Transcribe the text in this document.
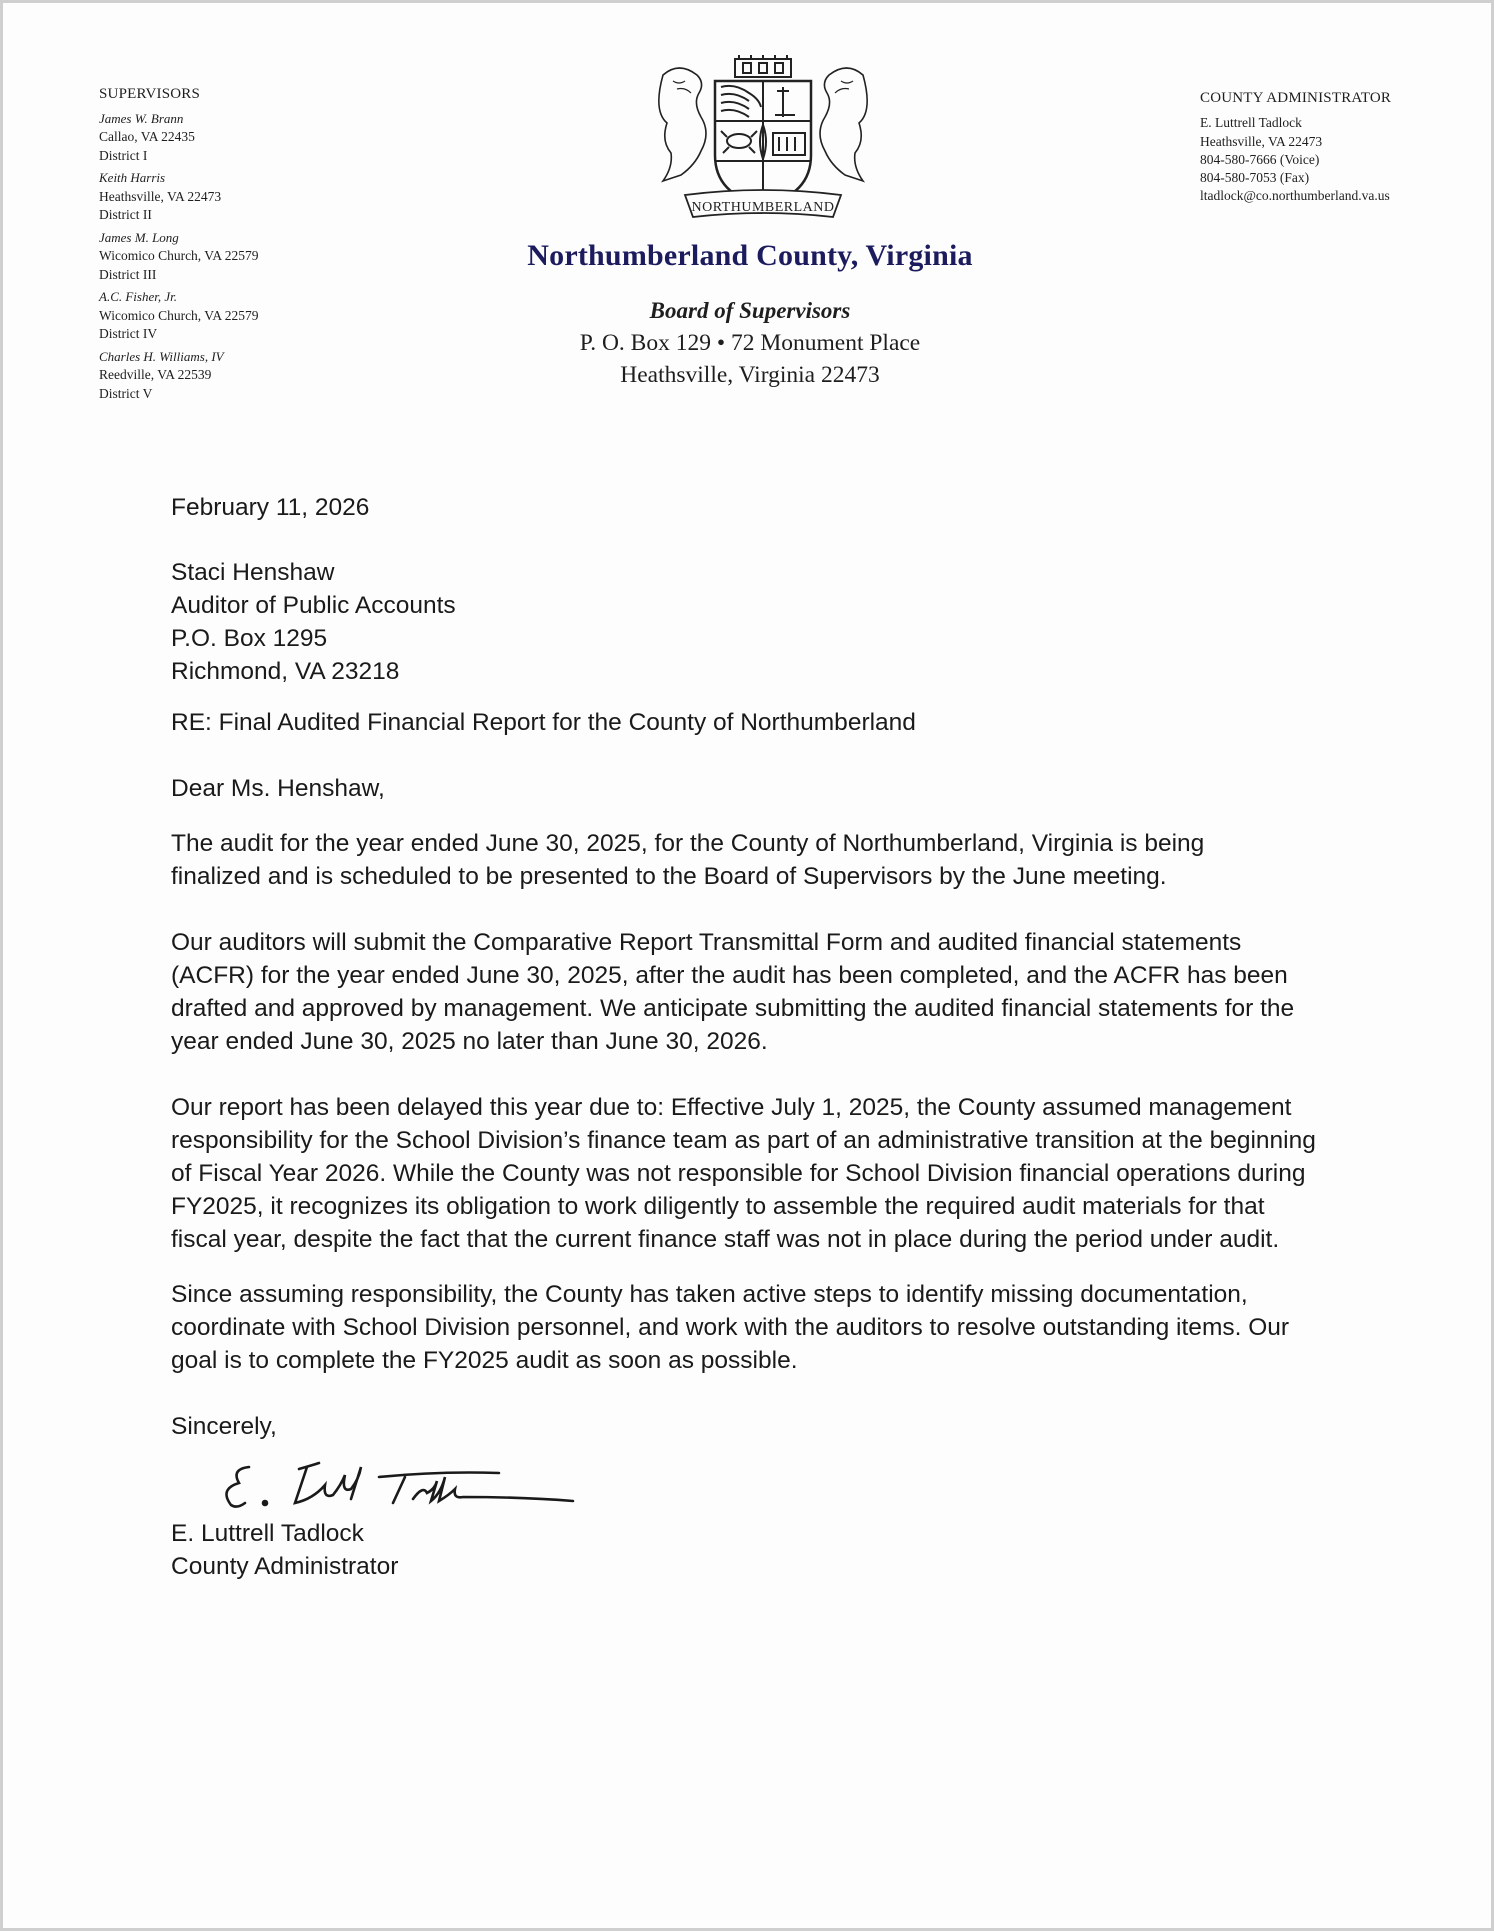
SUPERVISORS
James W. Brann
Callao, VA 22435
District I
Keith Harris
Heathsville, VA 22473
District II
James M. Long
Wicomico Church, VA 22579
District III
A.C. Fisher, Jr.
Wicomico Church, VA 22579
District IV
Charles H. Williams, IV
Reedville, VA 22539
District V
NORTHUMBERLAND
Northumberland County, Virginia
Board of Supervisors
P. O. Box 129 • 72 Monument Place
Heathsville, Virginia 22473
COUNTY ADMINISTRATOR
E. Luttrell Tadlock
Heathsville, VA 22473
804-580-7666 (Voice)
804-580-7053 (Fax)
ltadlock@co.northumberland.va.us

February 11, 2026

Staci Henshaw

Auditor of Public Accounts

P.O. Box 1295

Richmond, VA 23218

RE: Final Audited Financial Report for the County of Northumberland

Dear Ms. Henshaw,

The audit for the year ended June 30, 2025, for the County of Northumberland, Virginia is being finalized and is scheduled to be presented to the Board of Supervisors by the June meeting.

Our auditors will submit the Comparative Report Transmittal Form and audited financial statements (ACFR) for the year ended June 30, 2025, after the audit has been completed, and the ACFR has been drafted and approved by management. We anticipate submitting the audited financial statements for the year ended June 30, 2025 no later than June 30, 2026.

Our report has been delayed this year due to: Effective July 1, 2025, the County assumed management responsibility for the School Division’s finance team as part of an administrative transition at the beginning of Fiscal Year 2026. While the County was not responsible for School Division financial operations during FY2025, it recognizes its obligation to work diligently to assemble the required audit materials for that fiscal year, despite the fact that the current finance staff was not in place during the period under audit.

Since assuming responsibility, the County has taken active steps to identify missing documentation, coordinate with School Division personnel, and work with the auditors to resolve outstanding items. Our goal is to complete the FY2025 audit as soon as possible.

Sincerely,

E. Luttrell Tadlock

County Administrator
